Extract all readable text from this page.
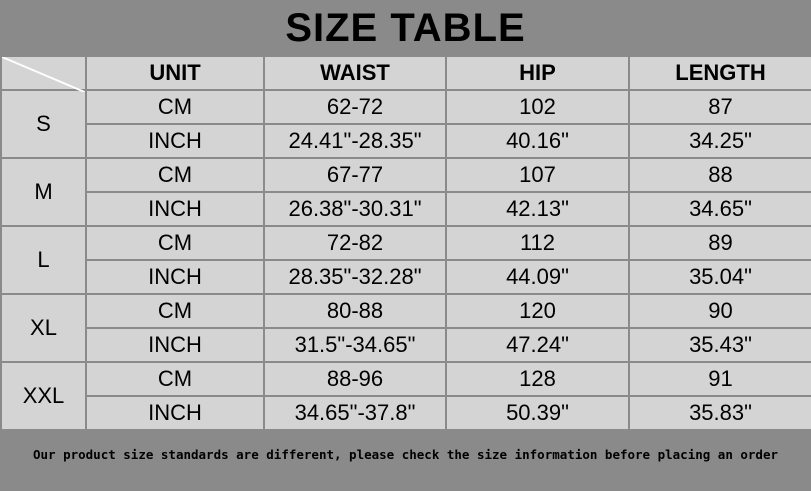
SIZE TABLE
	UNIT	WAIST	HIP	LENGTH
S	CM	62-72	102	87
	INCH	24.41"-28.35"	40.16"	34.25"
M	CM	67-77	107	88
	INCH	26.38"-30.31"	42.13"	34.65"
L	CM	72-82	112	89
	INCH	28.35"-32.28"	44.09"	35.04"
XL	CM	80-88	120	90
	INCH	31.5"-34.65"	47.24"	35.43"
XXL	CM	88-96	128	91
	INCH	34.65"-37.8"	50.39"	35.83"
Our product size standards are different, please check the size information before placing an order
